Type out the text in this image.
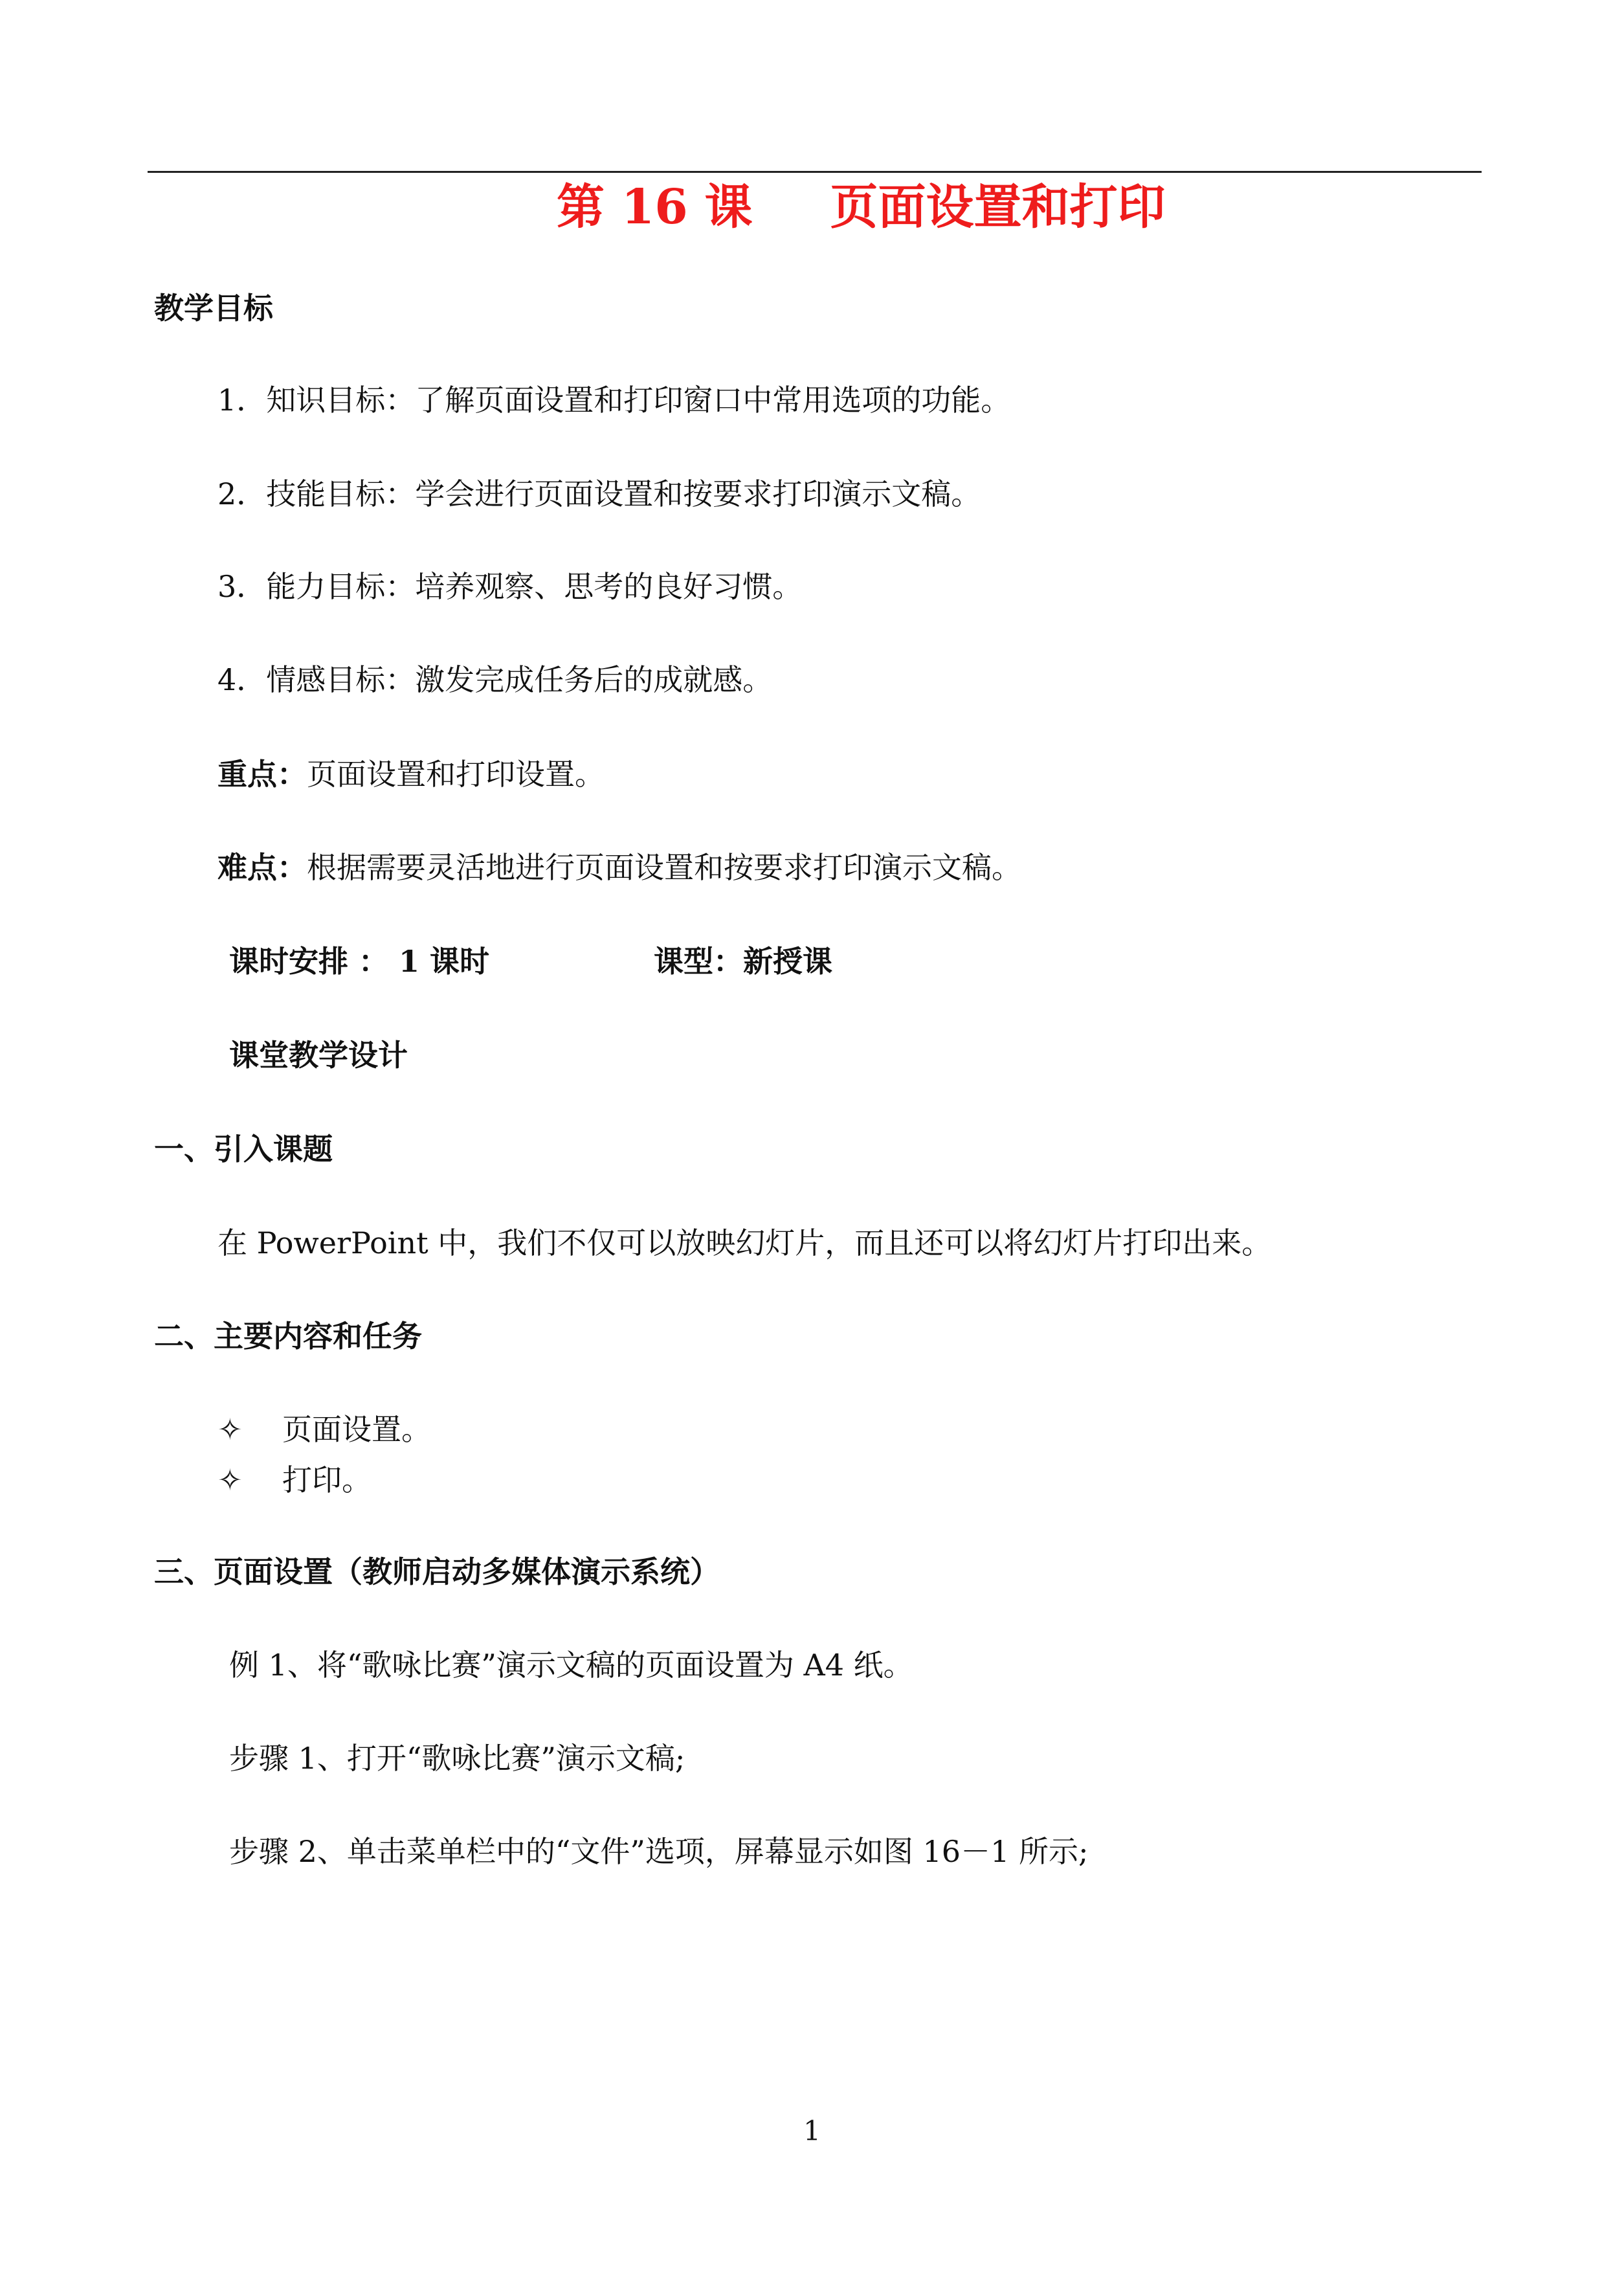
第 16 课 页面设置和打印
教学目标
1．知识目标：了解页面设置和打印窗口中常用选项的功能。
2．技能目标：学会进行页面设置和按要求打印演示文稿。
3．能力目标：培养观察、思考的良好习惯。
4．情感目标：激发完成任务后的成就感。
重点：页面设置和打印设置。
难点：根据需要灵活地进行页面设置和按要求打印演示文稿。
课时安排 ： 1 课时	课型：新授课
课堂教学设计
一、引入课题
在 PowerPoint 中，我们不仅可以放映幻灯片，而且还可以将幻灯片打印出来。
二、主要内容和任务
✧ 页面设置。
✧ 打印。
三、页面设置（教师启动多媒体演示系统）
例 1、将“歌咏比赛”演示文稿的页面设置为 A4 纸。
步骤 1、打开“歌咏比赛”演示文稿;
步骤 2、单击菜单栏中的“文件”选项，屏幕显示如图 16－1 所示;
1
